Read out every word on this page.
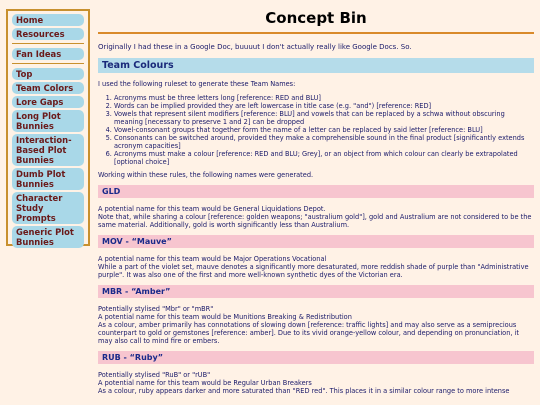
Home
Resources
Fan Ideas
Top
Team Colors
Lore Gaps
Long Plot Bunnies
Interaction-Based Plot Bunnies
Dumb Plot Bunnies
Character Study Prompts
Generic Plot Bunnies
Concept Bin

Originally I had these in a Google Doc, buuuut I don't actually really like Google Docs. So.

Team Colours

I used the following ruleset to generate these Team Names:

1. Acronyms must be three letters long [reference: RED and BLU]
2. Words can be implied provided they are left lowercase in title case (e.g. "and") [reference: RED]
3. Vowels that represent silent modifiers [reference: BLU] and vowels that can be replaced by a schwa without obscuring meaning [necessary to preserve 1 and 2] can be dropped
4. Vowel-consonant groups that together form the name of a letter can be replaced by said letter [reference: BLU]
5. Consonants can be switched around, provided they make a comprehensible sound in the final product [significantly extends acronym capacities]
6. Acronyms must make a colour [reference: RED and BLU; Grey], or an object from which colour can clearly be extrapolated [optional choice]

Working within these rules, the following names were generated.

GLD

A potential name for this team would be General Liquidations Depot.

Note that, while sharing a colour [reference: golden weapons; "australium gold"], gold and Australium are not considered to be the same material. Additionally, gold is worth significantly less than Australium.

MOV - “Mauve”

A potential name for this team would be Major Operations Vocational

While a part of the violet set, mauve denotes a significantly more desaturated, more reddish shade of purple than "Administrative purple". It was also one of the first and more well-known synthetic dyes of the Victorian era.

MBR - “Amber”

Potentially stylised "Mbr" or "mBR"

A potential name for this team would be Munitions Breaking & Redistribution

As a colour, amber primarily has connotations of slowing down [reference: traffic lights] and may also serve as a semiprecious counterpart to gold or gemstones [reference: amber]. Due to its vivid orange-yellow colour, and depending on pronunciation, it may also call to mind fire or embers.

RUB - “Ruby”

Potentially stylised "RuB" or "rUB"

A potential name for this team would be Regular Urban Breakers

As a colour, ruby appears darker and more saturated than "RED red". This places it in a similar colour range to more intense
